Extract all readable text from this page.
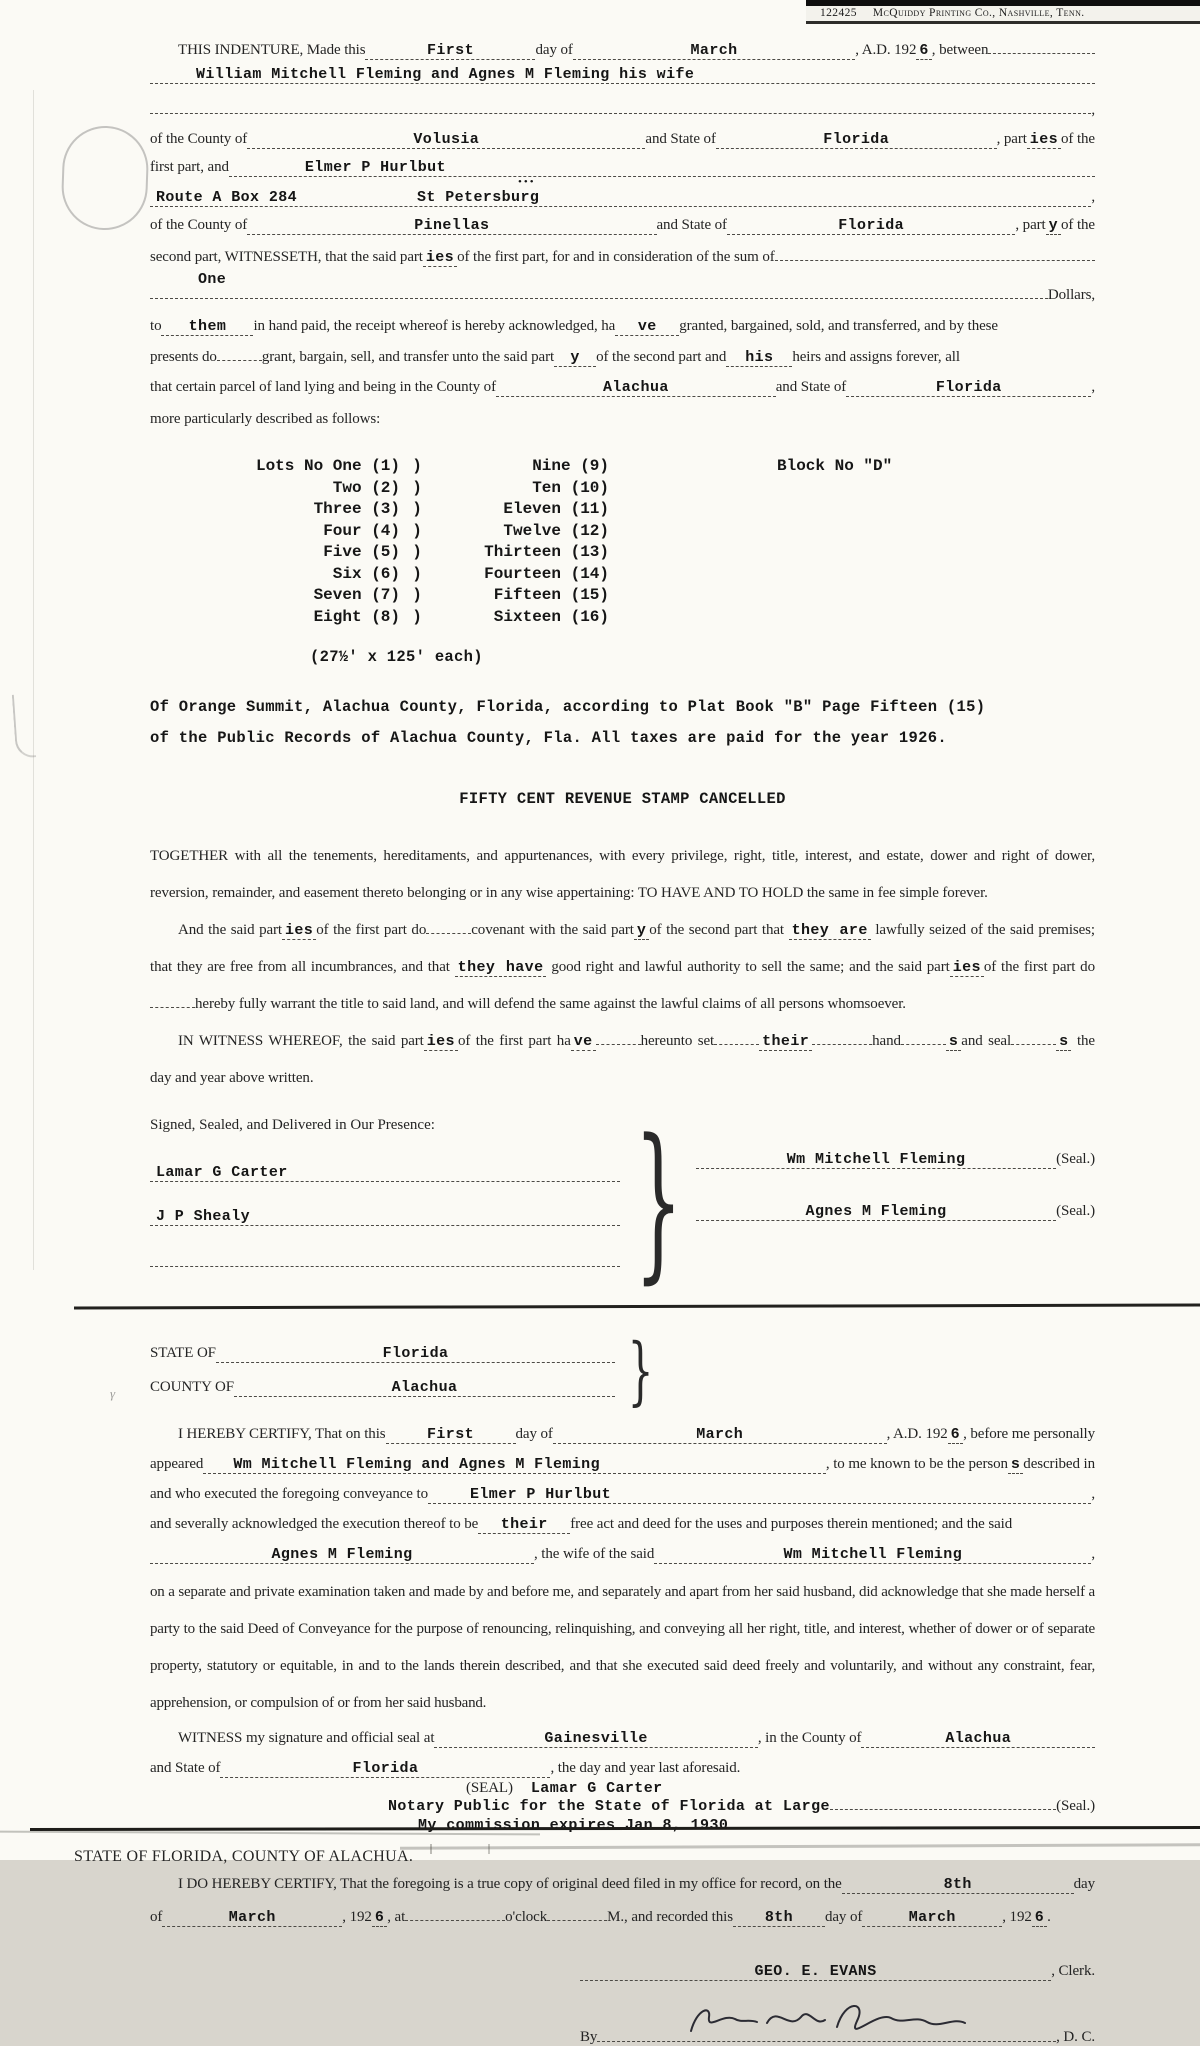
122425 McQuiddy Printing Co., Nashville, Tenn.
γ
THIS INDENTURE, Made this	First	day of	March	, A.D. 192 6 , between
William Mitchell Fleming and Agnes M Fleming his wife
,
of the County of	Volusia	and State of	Florida	, part ies of the
first part, and	Elmer P Hurlbut
•••
Route A Box 284	St Petersburg	,
of the County of	Pinellas	and State of	Florida	, part y of the
second part, WITNESSETH, that the said part ies of the first part, for and in consideration of the sum of
One
Dollars,
to them in hand paid, the receipt whereof is hereby acknowledged, ha ve granted, bargained, sold, and transferred, and by these
presents do	grant, bargain, sell, and transfer unto the said part y of the second part and his heirs and assigns forever, all
that certain parcel of land lying and being in the County of	Alachua	and State of	Florida	,
more particularly described as follows:
Lots No One (1) )	Nine (9)	Block No "D"
Two (2) )	Ten (10)
Three (3) )	Eleven (11)
Four (4) )	Twelve (12)
Five (5) )	Thirteen (13)
Six (6) )	Fourteen (14)
Seven (7) )	Fifteen (15)
Eight (8) )	Sixteen (16)
(27½' x 125' each)
Of Orange Summit, Alachua County, Florida, according to Plat Book "B" Page Fifteen (15)
of the Public Records of Alachua County, Fla. All taxes are paid for the year 1926.
FIFTY CENT REVENUE STAMP CANCELLED

TOGETHER with all the tenements, hereditaments, and appurtenances, with every privilege, right, title, interest, and estate, dower and right of dower, reversion, remainder, and easement thereto belonging or in any wise appertaining: TO HAVE AND TO HOLD the same in fee simple forever.

And the said part ies of the first part do	covenant with the said part y of the second part that they are lawfully seized of the said premises; that they are free from all incumbrances, and that they have good right and lawful authority to sell the same; and the said part ies of the first part dohereby fully warrant the title to said land, and will defend the same against the lawful claims of all persons whomsoever.

IN WITNESS WHEREOF, the said part ies of the first part ha ve	hereunto set	their	hand	s and seal	s the day and year above written.

Signed, Sealed, and Delivered in Our Presence:
Lamar G Carter
J P Shealy }	Wm Mitchell Fleming	(Seal.)
Agnes M Fleming	(Seal.)
STATE OF	Florida
COUNTY OF	Alachua }
I HEREBY CERTIFY, That on this	First	day of	March	, A.D. 192 6 , before me personally
appeared Wm Mitchell Fleming and Agnes M Fleming	, to me known to be the person s described in
and who executed the foregoing conveyance to	Elmer P Hurlbut	,
and severally acknowledged the execution thereof to be their free act and deed for the uses and purposes therein mentioned; and the said
Agnes M Fleming	, the wife of the said	Wm Mitchell Fleming	,

on a separate and private examination taken and made by and before me, and separately and apart from her said husband, did acknowledge that she made herself a party to the said Deed of Conveyance for the purpose of renouncing, relinquishing, and conveying all her right, title, and interest, whether of dower or of separate property, statutory or equitable, in and to the lands therein described, and that she executed said deed freely and voluntarily, and without any constraint, fear, apprehension, or compulsion of or from her said husband.

WITNESS my signature and official seal at	Gainesville	, in the County of	Alachua
and State of	Florida	, the day and year last aforesaid.
(SEAL) Lamar G Carter
Notary Public for the State of Florida at Large	(Seal.)
My commission expires Jan 8, 1930
STATE OF FLORIDA, COUNTY OF ALACHUA.
I DO HEREBY CERTIFY, That the foregoing is a true copy of original deed filed in my office for record, on the	8th	day
of	March	, 192 6 , at	o'clock	M., and recorded this 8th day of	March	, 192 6 .
GEO. E. EVANS	, Clerk.
By	, D. C.
